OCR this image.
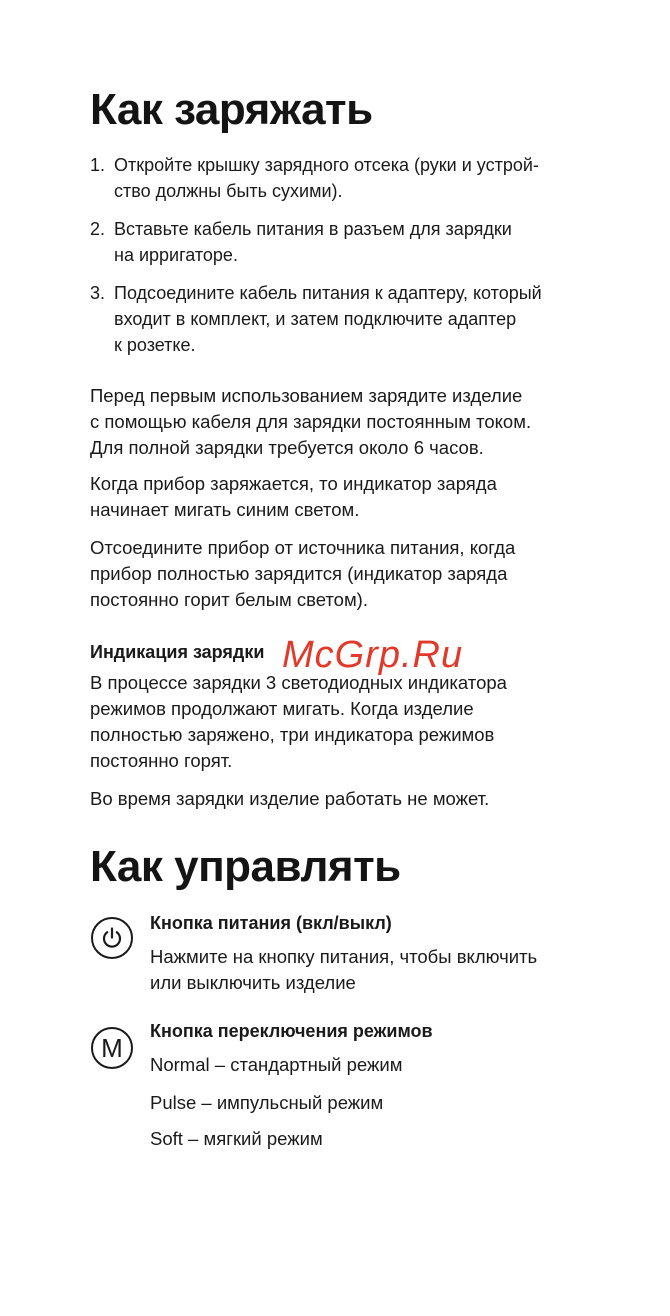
Как заряжать
1. Откройте крышку зарядного отсека (руки и устрой-
ство должны быть сухими).
2. Вставьте кабель питания в разъем для зарядки
на ирригаторе.
3. Подсоедините кабель питания к адаптеру, который
входит в комплект, и затем подключите адаптер
к розетке.

Перед первым использованием зарядите изделие
с помощью кабеля для зарядки постоянным током.
Для полной зарядки требуется около 6 часов.

Когда прибор заряжается, то индикатор заряда
начинает мигать синим светом.

Отсоедините прибор от источника питания, когда
прибор полностью зарядится (индикатор заряда
постоянно горит белым светом).

Индикация зарядки

В процессе зарядки 3 светодиодных индикатора
режимов продолжают мигать. Когда изделие
полностью заряжено, три индикатора режимов
постоянно горят.

Во время зарядки изделие работать не может.

McGrp.Ru
Как управлять
Кнопка питания (вкл/выкл)

Нажмите на кнопку питания, чтобы включить
или выключить изделие

M
Кнопка переключения режимов

Normal – стандартный режим

Pulse – импульсный режим

Soft – мягкий режим
